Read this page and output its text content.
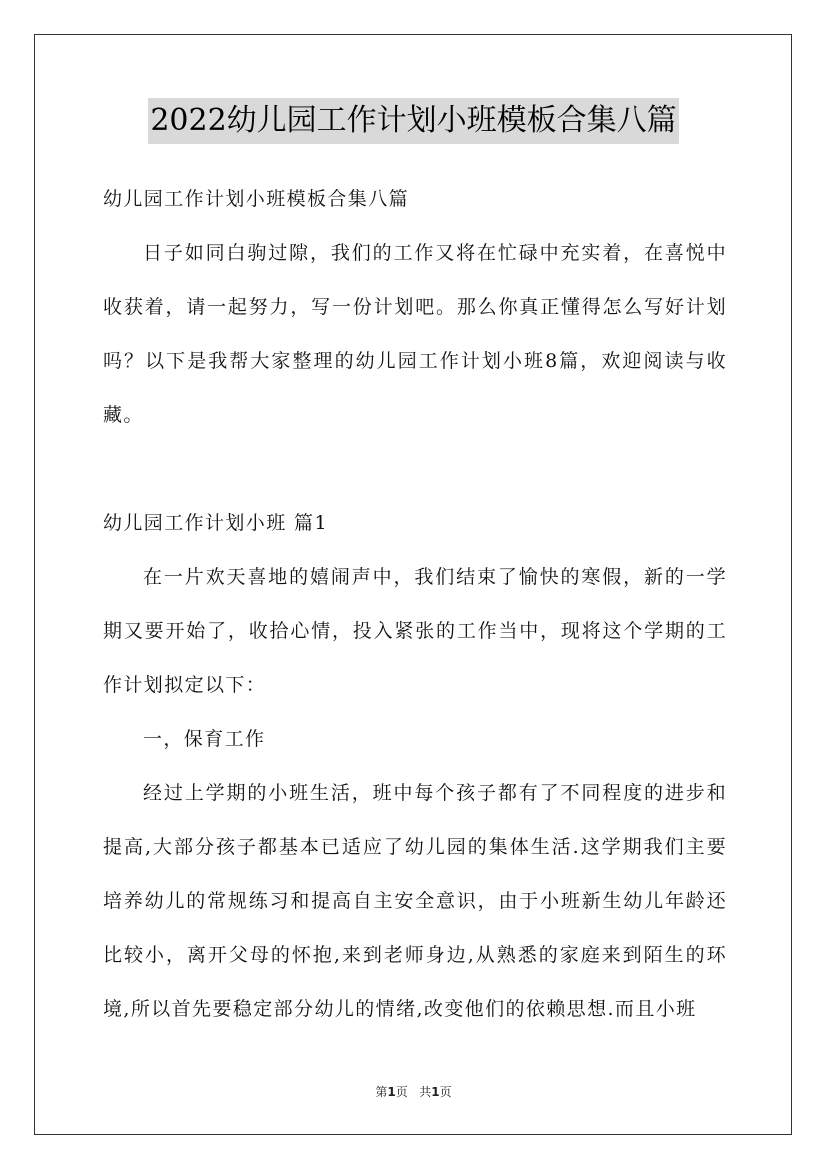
2022幼儿园工作计划小班模板合集八篇

幼儿园工作计划小班模板合集八篇

日子如同白驹过隙，我们的工作又将在忙碌中充实着，在喜悦中收获着，请一起努力，写一份计划吧。那么你真正懂得怎么写好计划吗？以下是我帮大家整理的幼儿园工作计划小班8篇，欢迎阅读与收藏。

幼儿园工作计划小班 篇1

在一片欢天喜地的嬉闹声中，我们结束了愉快的寒假，新的一学期又要开始了，收拾心情，投入紧张的工作当中，现将这个学期的工作计划拟定以下：

一，保育工作

经过上学期的小班生活，班中每个孩子都有了不同程度的进步和提高,大部分孩子都基本已适应了幼儿园的集体生活.这学期我们主要培养幼儿的常规练习和提高自主安全意识，由于小班新生幼儿年龄还比较小，离开父母的怀抱,来到老师身边,从熟悉的家庭来到陌生的环境,所以首先要稳定部分幼儿的情绪,改变他们的依赖思想.而且小班

第1页 共1页
